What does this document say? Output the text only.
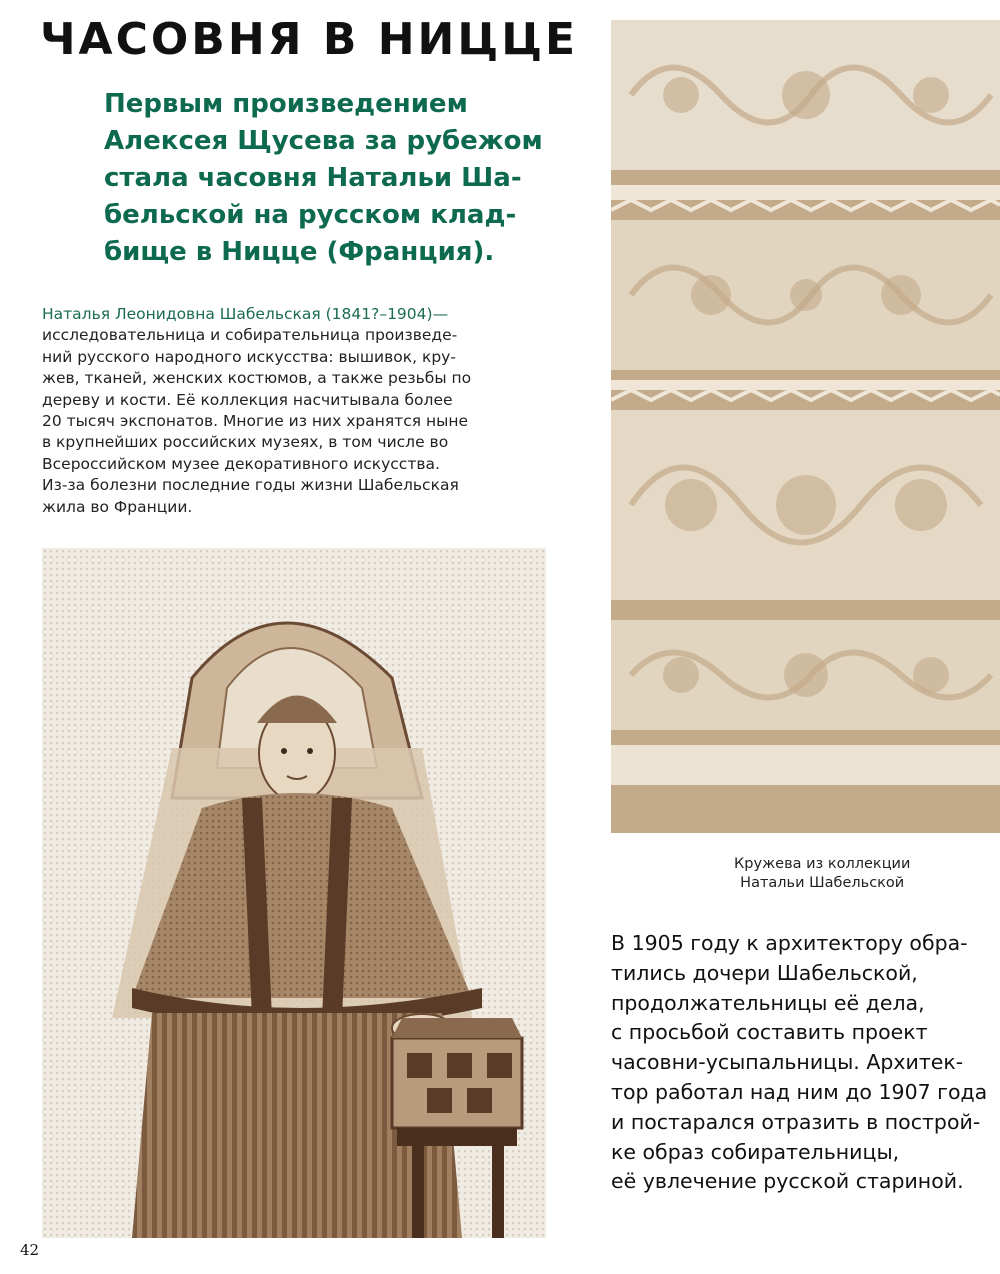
ЧАСОВНЯ В НИЦЦЕ

Первым произведением
Алексея Щусева за рубежом
стала часовня Натальи Ша-
бельской на русском клад-
бище в Ницце (Франция).

Наталья Леонидовна Шабельская (1841?–1904)—
исследовательница и собирательница произведе-
ний русского народного искусства: вышивок, кру-
жев, тканей, женских костюмов, а также резьбы по
дереву и кости. Её коллекция насчитывала более
20 тысяч экспонатов. Многие из них хранятся ныне
в крупнейших российских музеях, в том числе во
Всероссийском музее декоративного искусства.
Из-за болезни последние годы жизни Шабельская
жила во Франции.

Кружева из коллекции
Натальи Шабельской

В 1905 году к архитектору обра-
тились дочери Шабельской,
продолжательницы её дела,
с просьбой составить проект
часовни-усыпальницы. Архитек-
тор работал над ним до 1907 года
и постарался отразить в построй-
ке образ собирательницы,
её увлечение русской стариной.

42
